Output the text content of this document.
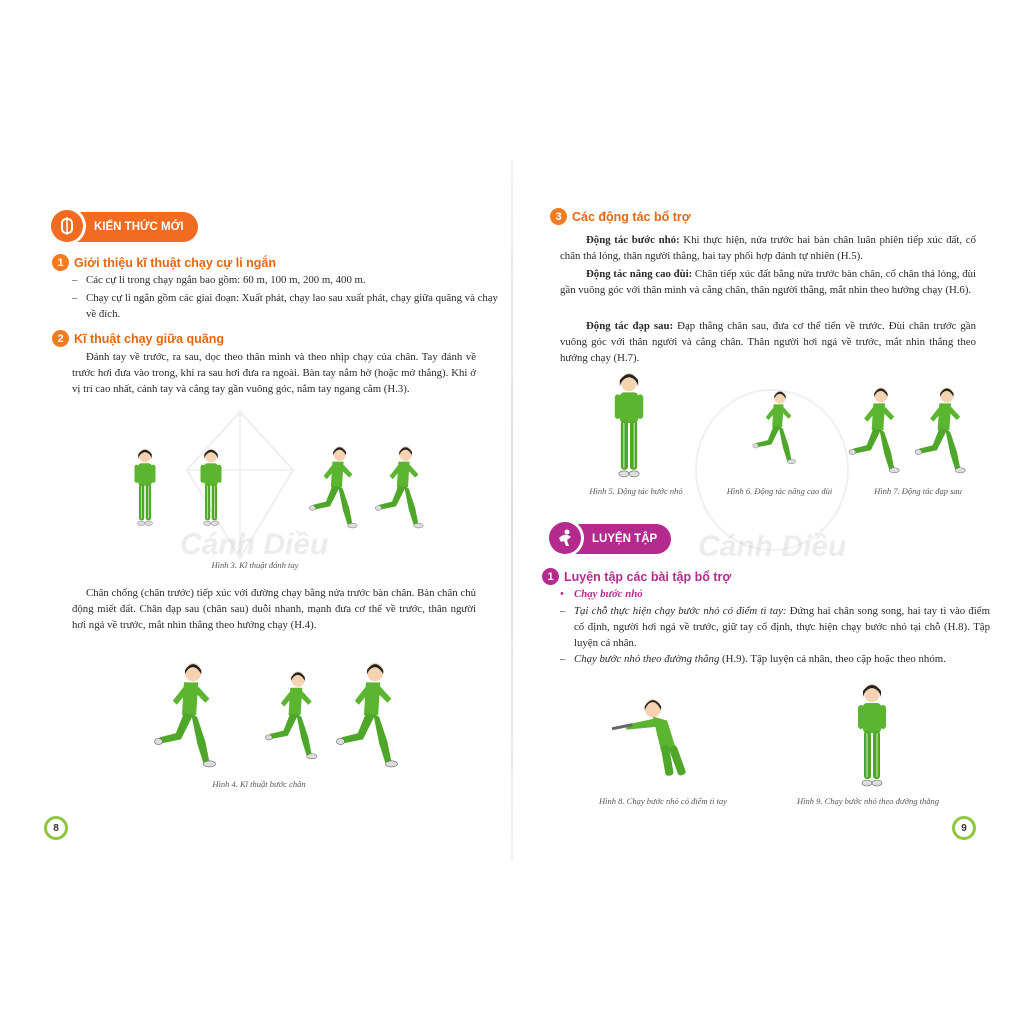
KIẾN THỨC MỚI
1 Giới thiệu kĩ thuật chạy cự li ngắn
– Các cự li trong chạy ngắn bao gồm: 60 m, 100 m, 200 m, 400 m.
– Chạy cự li ngắn gồm các giai đoạn: Xuất phát, chạy lao sau xuất phát, chạy giữa quãng và chạy về đích.
2 Kĩ thuật chạy giữa quãng
Đánh tay về trước, ra sau, dọc theo thân mình và theo nhịp chạy của chân. Tay đánh về trước hơi đưa vào trong, khi ra sau hơi đưa ra ngoài. Bàn tay nắm hờ (hoặc mở thẳng). Khi ở vị trí cao nhất, cánh tay và cẳng tay gần vuông góc, nắm tay ngang cằm (H.3).
Cánh Diều
Hình 3. Kĩ thuật đánh tay
Chân chống (chân trước) tiếp xúc với đường chạy bằng nửa trước bàn chân. Bàn chân chủ động miết đất. Chân đạp sau (chân sau) duỗi nhanh, mạnh đưa cơ thể về trước, thân người hơi ngả về trước, mắt nhìn thẳng theo hướng chạy (H.4).
Hình 4. Kĩ thuật bước chân
8
3 Các động tác bổ trợ
Động tác bước nhỏ: Khi thực hiện, nửa trước hai bàn chân luân phiên tiếp xúc đất, cổ chân thả lỏng, thân người thẳng, hai tay phối hợp đánh tự nhiên (H.5).
Động tác nâng cao đùi: Chân tiếp xúc đất bằng nửa trước bàn chân, cổ chân thả lỏng, đùi gần vuông góc với thân mình và cẳng chân, thân người thẳng, mắt nhìn theo hướng chạy (H.6).
Động tác đạp sau: Đạp thẳng chân sau, đưa cơ thể tiến về trước. Đùi chân trước gần vuông góc với thân người và cẳng chân. Thân người hơi ngả về trước, mắt nhìn thẳng theo hướng chạy (H.7).
Hình 5. Động tác bước nhỏ	Hình 6. Động tác nâng cao đùi	Hình 7. Động tác đạp sau
LUYỆN TẬP Cánh Diều
1 Luyện tập các bài tập bổ trợ
• Chạy bước nhỏ
– Tại chỗ thực hiện chạy bước nhỏ có điểm tì tay: Đứng hai chân song song, hai tay tì vào điểm cố định, người hơi ngả về trước, giữ tay cố định, thực hiện chạy bước nhỏ tại chỗ (H.8). Tập luyện cá nhân.
– Chạy bước nhỏ theo đường thẳng (H.9). Tập luyện cá nhân, theo cặp hoặc theo nhóm.
Hình 8. Chạy bước nhỏ có điểm tì tay	Hình 9. Chạy bước nhỏ theo đường thẳng
9
